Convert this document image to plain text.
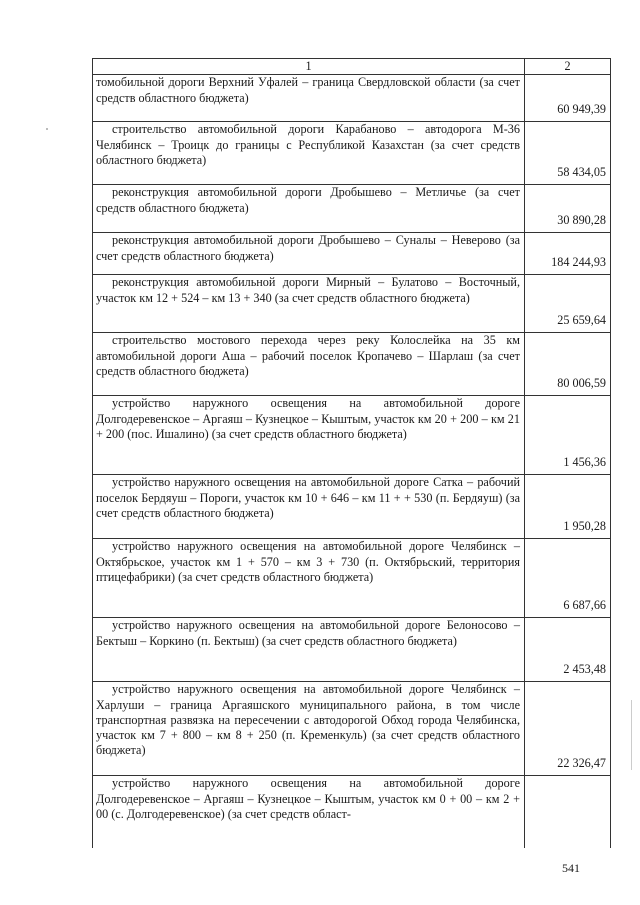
1	2

томобильной дороги Верхний Уфалей – граница Свердловской области (за счет средств областного бюджета)	60 949,39

строительство автомобильной дороги Карабаново – автодорога М-36 Челябинск – Троицк до границы с Республикой Казахстан (за счет средств областного бюджета)	58 434,05

реконструкция автомобильной дороги Дробышево – Метличье (за счет средств областного бюджета)	30 890,28

реконструкция автомобильной дороги Дробышево – Суналы – Неверово (за счет средств областного бюджета)	184 244,93

реконструкция автомобильной дороги Мирный – Булатово – Восточный, участок км 12 + 524 – км 13 + 340 (за счет средств областного бюджета)	25 659,64

строительство мостового перехода через реку Колослейка на 35 км автомобильной дороги Аша – рабочий поселок Кропачево – Шарлаш (за счет средств областного бюджета)	80 006,59

устройство наружного освещения на автомобильной дороге Долгодеревенское – Аргаяш – Кузнецкое – Кыштым, участок км 20 + 200 – км 21 + 200 (пос. Ишалино) (за счет средств областного бюджета)	1 456,36

устройство наружного освещения на автомобильной дороге Сатка – рабочий поселок Бердяуш – Пороги, участок км 10 + 646 – км 11 + + 530 (п. Бердяуш) (за счет средств областного бюджета)	1 950,28

устройство наружного освещения на автомобильной дороге Челябинск – Октябрьское, участок км 1 + 570 – км 3 + 730 (п. Октябрьский, территория птицефабрики) (за счет средств областного бюджета)	6 687,66

устройство наружного освещения на автомобильной дороге Белоносово – Бектыш – Коркино (п. Бектыш) (за счет средств областного бюджета)	2 453,48

устройство наружного освещения на автомобильной дороге Челябинск – Харлуши – граница Аргаяшского муниципального района, в том числе транспортная развязка на пересечении с автодорогой Обход города Челябинска, участок км 7 + 800 – км 8 + 250 (п. Кременкуль) (за счет средств областного бюджета)	22 326,47

устройство наружного освещения на автомобильной дороге Долгодеревенское – Аргаяш – Кузнецкое – Кыштым, участок км 0 + 00 – км 2 + 00 (с. Долгодеревенское) (за счет средств област-	

541
